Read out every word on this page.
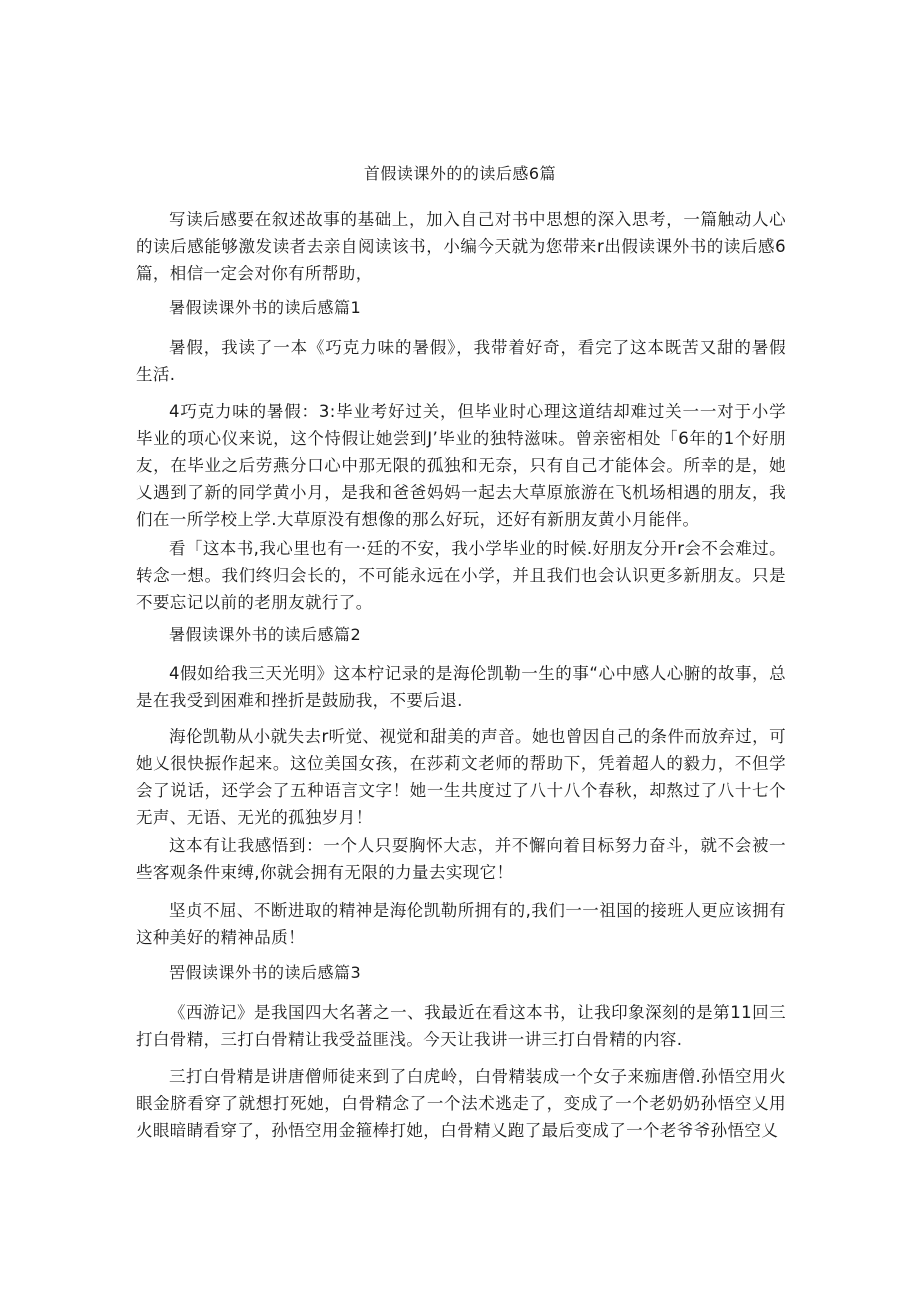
首假读课外的的读后感6篇
写读后感要在叙述故事的基础上，加入自己对书中思想的深入思考，一篇触动人心的读后感能够激发读者去亲自阅读该书，小编今天就为您带来r出假读课外书的读后感6篇，相信一定会对你有所帮助，
暑假读课外书的读后感篇1
暑假，我读了一本《巧克力味的暑假》，我带着好奇，看完了这本既苦又甜的暑假生活.
4巧克力味的暑假：3:毕业考好过关，但毕业时心理这道结却难过关一一对于小学毕业的项心仪来说，这个恃假让她尝到J’毕业的独特滋味。曾亲密相处「6年的1个好朋友，在毕业之后劳燕分口心中那无限的孤独和无奈，只有自己才能体会。所幸的是，她乂遇到了新的同学黄小月，是我和爸爸妈妈一起去大草原旅游在飞机场相遇的朋友，我们在一所学校上学.大草原没有想像的那么好玩，还好有新朋友黄小月能伴。
看「这本书,我心里也有一·廷的不安，我小学毕业的时候.好朋友分开r会不会难过。转念一想。我们终归会长的，不可能永远在小学，并且我们也会认识更多新朋友。只是不要忘记以前的老朋友就行了。
暑假读课外书的读后感篇2
4假如给我三天光明》这本柠记录的是海伦凯勒一生的事“心中感人心腑的故事，总是在我受到困难和挫折是鼓励我，不要后退.
海伦凯勒从小就失去r听觉、视觉和甜美的声音。她也曾因自己的条件而放弃过，可她乂很快振作起来。这位美国女孩，在莎莉文老师的帮助下，凭着超人的毅力，不但学会了说话，还学会了五种语言文字！她一生共度过了八十八个春秋，却熬过了八十七个无声、无语、无光的孤独岁月！
这本有让我感悟到：一个人只耍胸怀大志，并不懈向着目标努力奋斗，就不会被一些客观条件束缚,你就会拥有无限的力量去实现它！
坚贞不屈、不断进取的精神是海伦凯勒所拥有的,我们一一祖国的接班人更应该拥有这种美好的精神品质！
罟假读课外书的读后感篇3
《西游记》是我国四大名著之一、我最近在看这本书，让我印象深刻的是第11回三打白骨精，三打白骨精让我受益匪浅。今天让我讲一讲三打白骨精的内容.
三打白骨精是讲唐僧师徒来到了白虎岭，白骨精装成一个女子来痂唐僧.孙悟空用火眼金脐看穿了就想打死她，白骨精念了一个法术逃走了，变成了一个老奶奶孙悟空乂用火眼暗睛看穿了，孙悟空用金箍棒打她，白骨精乂跑了最后变成了一个老爷爷孙悟空乂
